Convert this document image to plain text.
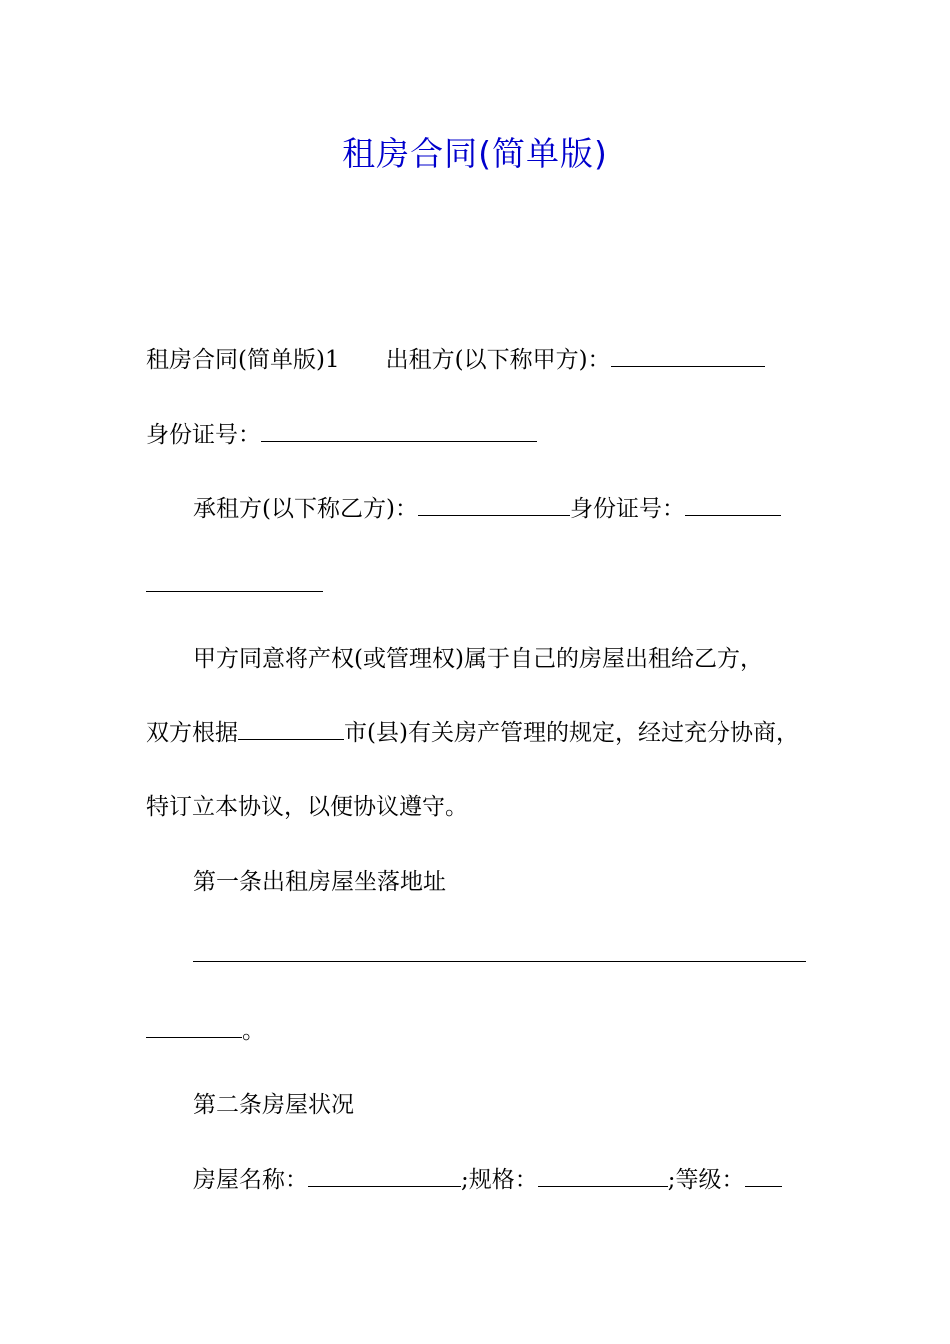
租房合同(简单版)
租房合同(简单版)1 出租方(以下称甲方)：
身份证号：
承租方(以下称乙方)：	身份证号：
甲方同意将产权(或管理权)属于自己的房屋出租给乙方，
双方根据	市(县)有关房产管理的规定，经过充分协商，
特订立本协议，以便协议遵守。
第一条出租房屋坐落地址
。
第二条房屋状况
房屋名称：	;规格：	;等级：
